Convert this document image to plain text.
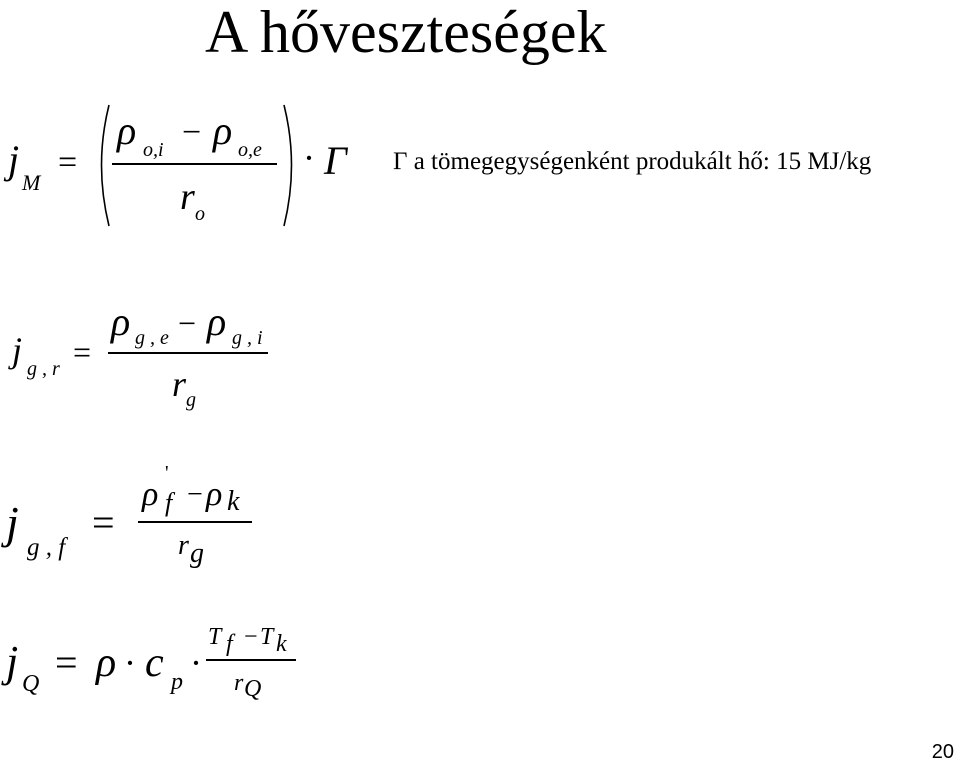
A hőveszteségek
j
M
=
ρ o,i − ρ o,e
r o
· Γ Γ a tömegegységenként produkált hő: 15 MJ/kg
j g , r =
ρ g , e − ρ g , i
r g
j g , f
=
ρ
'
f − ρ k
r g
j Q = ρ · c p ·
T f − T k
r Q
20
